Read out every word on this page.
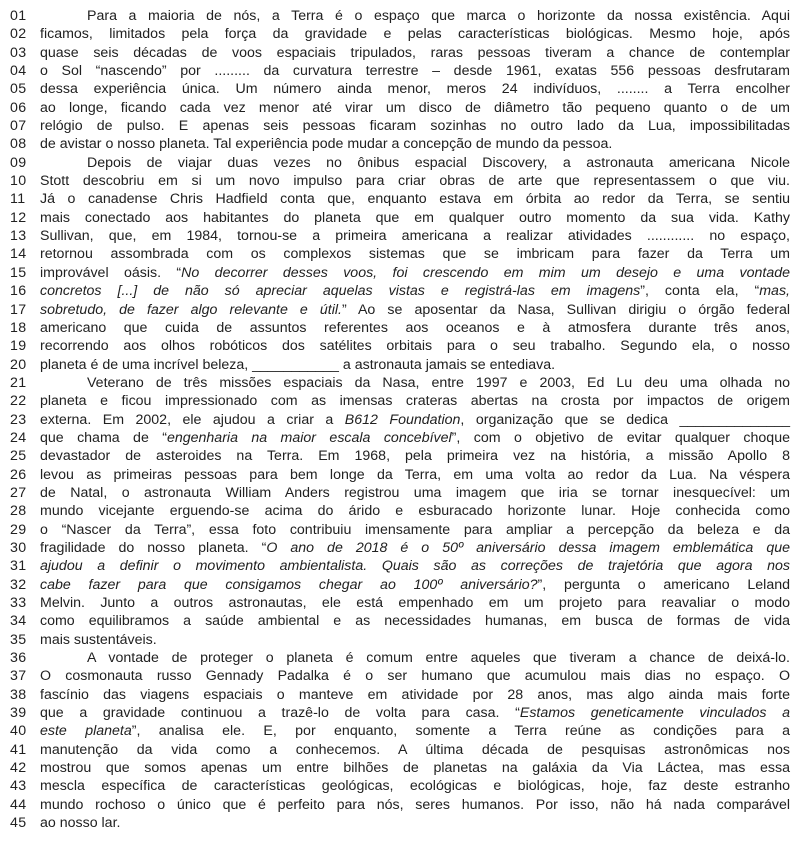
01	Para a maioria de nós, a Terra é o espaço que marca o horizonte da nossa existência. Aqui
02 ficamos, limitados pela força da gravidade e pelas características biológicas. Mesmo hoje, após
03 quase seis décadas de voos espaciais tripulados, raras pessoas tiveram a chance de contemplar
04 o Sol “nascendo” por ......... da curvatura terrestre – desde 1961, exatas 556 pessoas desfrutaram
05 dessa experiência única. Um número ainda menor, meros 24 indivíduos, ........ a Terra encolher
06 ao longe, ficando cada vez menor até virar um disco de diâmetro tão pequeno quanto o de um
07 relógio de pulso. E apenas seis pessoas ficaram sozinhas no outro lado da Lua, impossibilitadas
08 de avistar o nosso planeta. Tal experiência pode mudar a concepção de mundo da pessoa.
09	Depois de viajar duas vezes no ônibus espacial Discovery, a astronauta americana Nicole
10 Stott descobriu em si um novo impulso para criar obras de arte que representassem o que viu.
11	Já o canadense Chris Hadfield conta que, enquanto estava em órbita ao redor da Terra, se sentiu
12 mais conectado aos habitantes do planeta que em qualquer outro momento da sua vida. Kathy
13 Sullivan, que, em 1984, tornou-se a primeira americana a realizar atividades ............ no espaço,
14 retornou assombrada com os complexos sistemas que se imbricam para fazer da Terra um
15 improvável oásis. “No decorrer desses voos, foi crescendo em mim um desejo e uma vontade
16 concretos [...] de não só apreciar aquelas vistas e registrá-las em imagens”, conta ela, “mas,
17 sobretudo, de fazer algo relevante e útil.” Ao se aposentar da Nasa, Sullivan dirigiu o órgão federal
18 americano que cuida de assuntos referentes aos oceanos e à atmosfera durante três anos,
19 recorrendo aos olhos robóticos dos satélites orbitais para o seu trabalho. Segundo ela, o nosso
20 planeta é de uma incrível beleza, ___________ a astronauta jamais se entediava.
21	Veterano de três missões espaciais da Nasa, entre 1997 e 2003, Ed Lu deu uma olhada no
22 planeta e ficou impressionado com as imensas crateras abertas na crosta por impactos de origem
23 externa. Em 2002, ele ajudou a criar a B612 Foundation, organização que se dedica ______________
24 que chama de “engenharia na maior escala concebível”, com o objetivo de evitar qualquer choque
25 devastador de asteroides na Terra. Em 1968, pela primeira vez na história, a missão Apollo 8
26 levou as primeiras pessoas para bem longe da Terra, em uma volta ao redor da Lua. Na véspera
27 de Natal, o astronauta William Anders registrou uma imagem que iria se tornar inesquecível: um
28 mundo vicejante erguendo-se acima do árido e esburacado horizonte lunar. Hoje conhecida como
29 o “Nascer da Terra”, essa foto contribuiu imensamente para ampliar a percepção da beleza e da
30 fragilidade do nosso planeta. “O ano de 2018 é o 50º aniversário dessa imagem emblemática que
31 ajudou a definir o movimento ambientalista. Quais são as correções de trajetória que agora nos
32 cabe fazer para que consigamos chegar ao 100º aniversário?”, pergunta o americano Leland
33 Melvin. Junto a outros astronautas, ele está empenhado em um projeto para reavaliar o modo
34 como equilibramos a saúde ambiental e as necessidades humanas, em busca de formas de vida
35 mais sustentáveis.
36	A vontade de proteger o planeta é comum entre aqueles que tiveram a chance de deixá-lo.
37 O cosmonauta russo Gennady Padalka é o ser humano que acumulou mais dias no espaço. O
38 fascínio das viagens espaciais o manteve em atividade por 28 anos, mas algo ainda mais forte
39 que a gravidade continuou a trazê-lo de volta para casa. “Estamos geneticamente vinculados a
40 este planeta”, analisa ele. E, por enquanto, somente a Terra reúne as condições para a
41 manutenção da vida como a conhecemos. A última década de pesquisas astronômicas nos
42 mostrou que somos apenas um entre bilhões de planetas na galáxia da Via Láctea, mas essa
43 mescla específica de características geológicas, ecológicas e biológicas, hoje, faz deste estranho
44 mundo rochoso o único que é perfeito para nós, seres humanos. Por isso, não há nada comparável
45 ao nosso lar.
